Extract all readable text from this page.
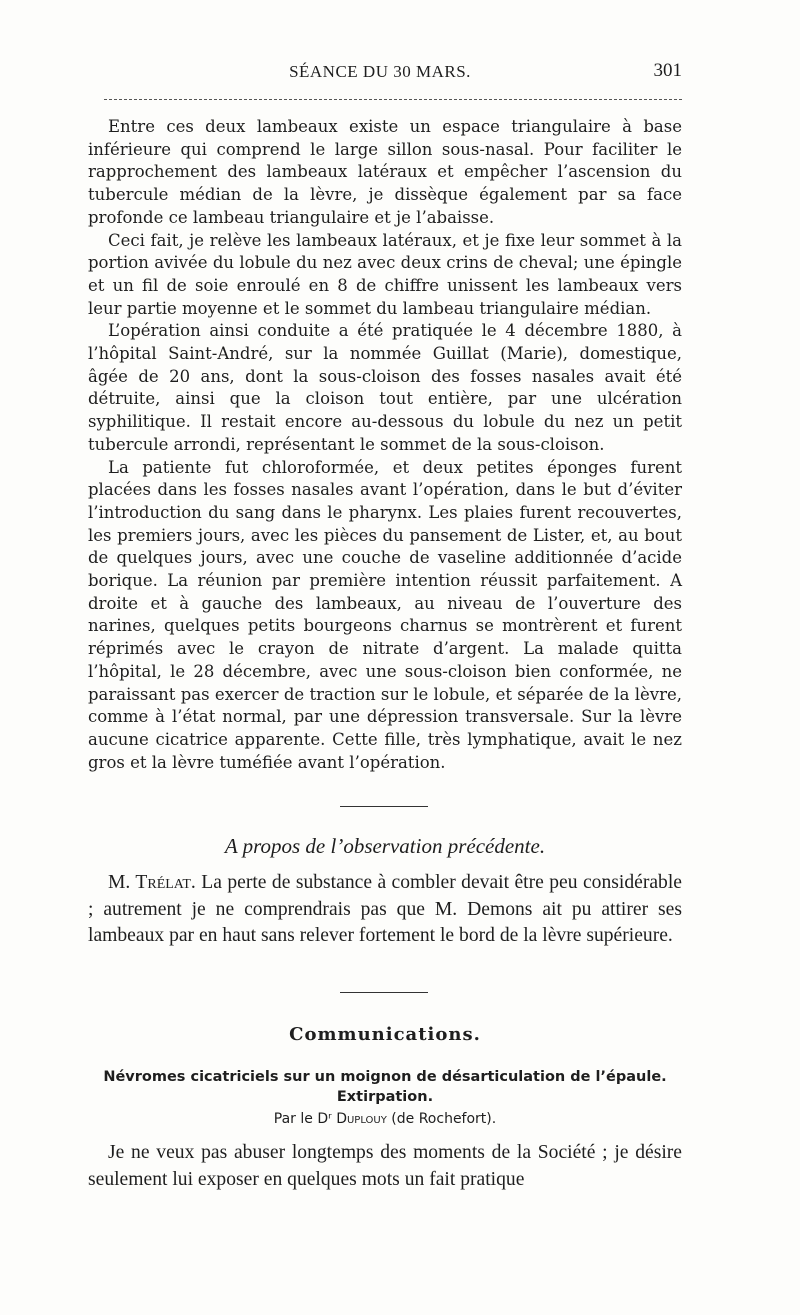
SÉANCE DU 30 MARS.	301

Entre ces deux lambeaux existe un espace triangulaire à base inférieure qui comprend le large sillon sous-nasal. Pour faciliter le rapprochement des lambeaux latéraux et empêcher l’ascension du tubercule médian de la lèvre, je dissèque également par sa face profonde ce lambeau triangulaire et je l’abaisse.

Ceci fait, je relève les lambeaux latéraux, et je fixe leur sommet à la portion avivée du lobule du nez avec deux crins de cheval; une épingle et un fil de soie enroulé en 8 de chiffre unissent les lambeaux vers leur partie moyenne et le sommet du lambeau triangulaire médian.

L’opération ainsi conduite a été pratiquée le 4 décembre 1880, à l’hôpital Saint-André, sur la nommée Guillat (Marie), domestique, âgée de 20 ans, dont la sous-cloison des fosses nasales avait été détruite, ainsi que la cloison tout entière, par une ulcération syphilitique. Il restait encore au-dessous du lobule du nez un petit tubercule arrondi, représentant le sommet de la sous-cloison.

La patiente fut chloroformée, et deux petites éponges furent placées dans les fosses nasales avant l’opération, dans le but d’éviter l’introduction du sang dans le pharynx. Les plaies furent recouvertes, les premiers jours, avec les pièces du pansement de Lister, et, au bout de quelques jours, avec une couche de vaseline additionnée d’acide borique. La réunion par première intention réussit parfaitement. A droite et à gauche des lambeaux, au niveau de l’ouverture des narines, quelques petits bourgeons charnus se montrèrent et furent réprimés avec le crayon de nitrate d’argent. La malade quitta l’hôpital, le 28 décembre, avec une sous-cloison bien conformée, ne paraissant pas exercer de traction sur le lobule, et séparée de la lèvre, comme à l’état normal, par une dépression transversale. Sur la lèvre aucune cicatrice apparente. Cette fille, très lymphatique, avait le nez gros et la lèvre tuméfiée avant l’opération.

A propos de l’observation précédente.

M. Trélat. La perte de substance à combler devait être peu considérable ; autrement je ne comprendrais pas que M. Demons ait pu attirer ses lambeaux par en haut sans relever fortement le bord de la lèvre supérieure.

Communications.
Névromes cicatriciels sur un moignon de désarticulation de l’épaule. Extirpation.
Par le Dʳ Duplouy (de Rochefort).

Je ne veux pas abuser longtemps des moments de la Société ; je désire seulement lui exposer en quelques mots un fait pratique
